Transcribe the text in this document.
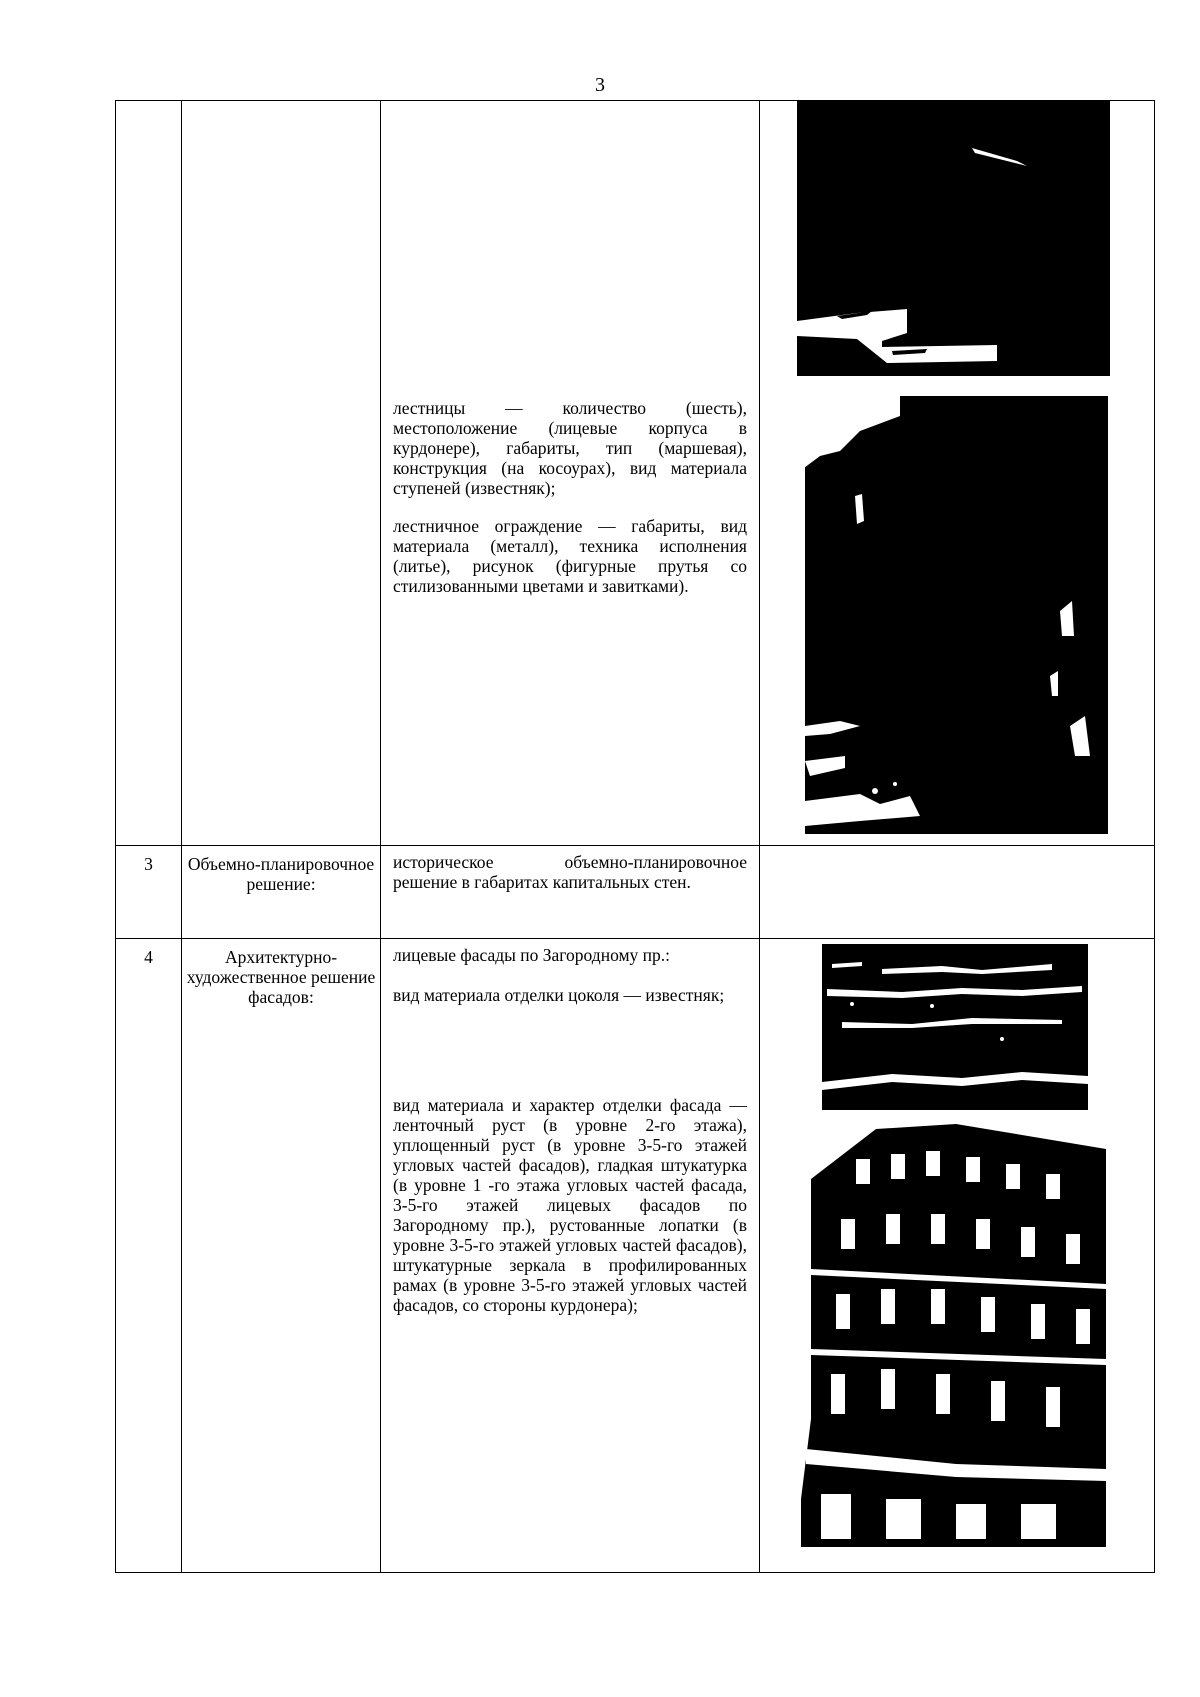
3

		лестницы — количество (шесть), местоположение (лицевые корпуса в курдонере), габариты, тип (маршевая), конструкция (на косоурах), вид материала ступеней (известняк);

лестничное ограждение — габариты, вид материала (металл), техника исполнения (литье), рисунок (фигурные прутья со стилизованными цветами и завитками).

3	Объемно-планировочное решение:	историческое объемно-планировочное решение в габаритах капитальных стен.	

4	Архитектурно-художественное решение фасадов:	лицевые фасады по Загородному пр.:

вид материала отделки цоколя — известняк;

вид материала и характер отделки фасада — ленточный руст (в уровне 2-го этажа), уплощенный руст (в уровне 3-5-го этажей угловых частей фасадов), гладкая штукатурка (в уровне 1 -го этажа угловых частей фасада, 3-5-го этажей лицевых фасадов по Загородному пр.), рустованные лопатки (в уровне 3-5-го этажей угловых частей фасадов), штукатурные зеркала в профилированных рамах (в уровне 3-5-го этажей угловых частей фасадов, со стороны курдонера);
